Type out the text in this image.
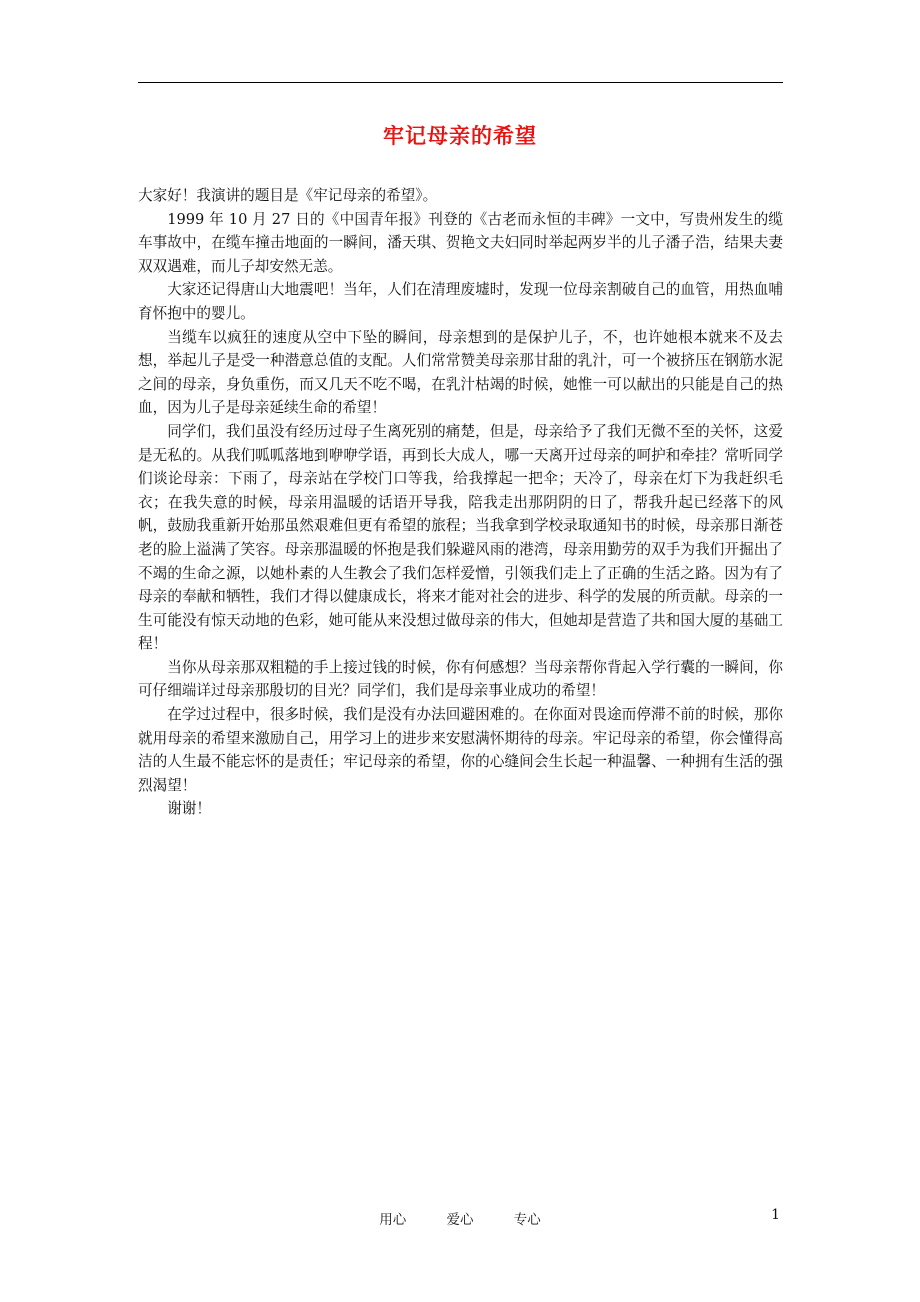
牢记母亲的希望

大家好！我演讲的题目是《牢记母亲的希望》。

1999 年 10 月 27 日的《中国青年报》刊登的《古老而永恒的丰碑》一文中，写贵州发生的缆车事故中，在缆车撞击地面的一瞬间，潘天琪、贺艳文夫妇同时举起两岁半的儿子潘子浩，结果夫妻双双遇难，而儿子却安然无恙。

大家还记得唐山大地震吧！当年，人们在清理废墟时，发现一位母亲割破自己的血管，用热血哺育怀抱中的婴儿。

当缆车以疯狂的速度从空中下坠的瞬间，母亲想到的是保护儿子，不，也许她根本就来不及去想，举起儿子是受一种潜意总值的支配。人们常常赞美母亲那甘甜的乳汁，可一个被挤压在钢筋水泥之间的母亲，身负重伤，而又几天不吃不喝，在乳汁枯竭的时候，她惟一可以献出的只能是自己的热血，因为儿子是母亲延续生命的希望！

同学们，我们虽没有经历过母子生离死别的痛楚，但是，母亲给予了我们无微不至的关怀，这爱是无私的。从我们呱呱落地到咿咿学语，再到长大成人，哪一天离开过母亲的呵护和牵挂？常听同学们谈论母亲：下雨了，母亲站在学校门口等我，给我撑起一把伞；天冷了，母亲在灯下为我赶织毛衣；在我失意的时候，母亲用温暖的话语开导我，陪我走出那阴阴的日了，帮我升起已经落下的风帆，鼓励我重新开始那虽然艰难但更有希望的旅程；当我拿到学校录取通知书的时候，母亲那日渐苍老的脸上溢满了笑容。母亲那温暖的怀抱是我们躲避风雨的港湾，母亲用勤劳的双手为我们开掘出了不竭的生命之源，以她朴素的人生教会了我们怎样爱憎，引领我们走上了正确的生活之路。因为有了母亲的奉献和牺牲，我们才得以健康成长，将来才能对社会的进步、科学的发展的所贡献。母亲的一生可能没有惊天动地的色彩，她可能从来没想过做母亲的伟大，但她却是营造了共和国大厦的基础工程！

当你从母亲那双粗糙的手上接过钱的时候，你有何感想？当母亲帮你背起入学行囊的一瞬间，你可仔细端详过母亲那殷切的目光？同学们，我们是母亲事业成功的希望！

在学过过程中，很多时候，我们是没有办法回避困难的。在你面对畏途而停滞不前的时候，那你就用母亲的希望来激励自己，用学习上的进步来安慰满怀期待的母亲。牢记母亲的希望，你会懂得高洁的人生最不能忘怀的是责任；牢记母亲的希望，你的心缝间会生长起一种温馨、一种拥有生活的强烈渴望！

谢谢！

用心	爱心	专心	1
